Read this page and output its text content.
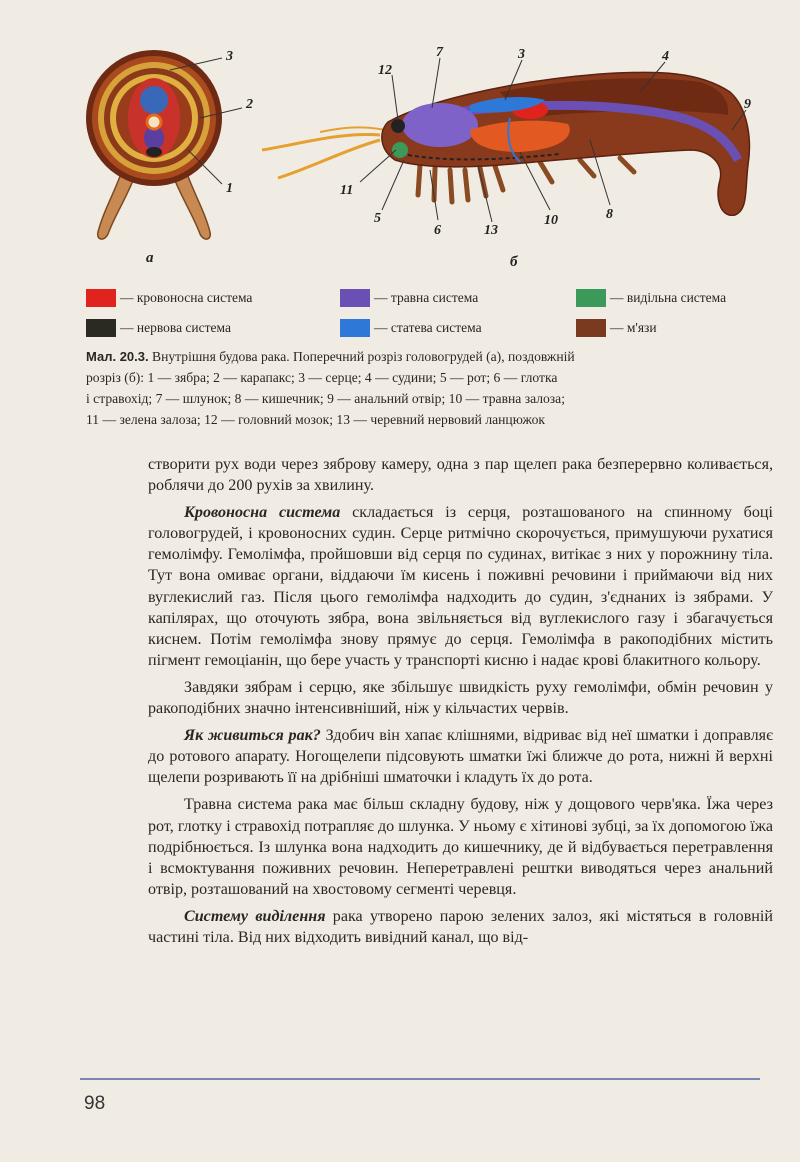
3
2
1
а
12
7	3	4
9
11
5
6	13
10	8
б
— кровоносна система	— травна система	— видільна система
— нервова система	— статева система	— м'язи

Мал. 20.3. Внутрішня будова рака. Поперечний розріз головогрудей (а), поздовжній

розріз (б): 1 — зябра; 2 — карапакс; 3 — серце; 4 — судини; 5 — рот; 6 — глотка

і стравохід; 7 — шлунок; 8 — кишечник; 9 — анальний отвір; 10 — травна залоза;

11 — зелена залоза; 12 — головний мозок; 13 — черевний нервовий ланцюжок

створити рух води через зяброву камеру, одна з пар щелеп рака безперервно коливається, роблячи до 200 рухів за хвилину.

Кровоносна система складається із серця, розташованого на спинному боці головогрудей, і кровоносних судин. Серце ритмічно скорочується, примушуючи рухатися гемолімфу. Гемолімфа, пройшовши від серця по судинах, витікає з них у порожнину тіла. Тут вона омиває органи, віддаючи їм кисень і поживні речовини і приймаючи від них вуглекислий газ. Після цього гемолімфа надходить до судин, з'єднаних із зябрами. У капілярах, що оточують зябра, вона звільняється від вуглекислого газу і збагачується киснем. Потім гемолімфа знову прямує до серця. Гемолімфа в ракоподібних містить пігмент гемоціанін, що бере участь у транспорті кисню і надає крові блакитного кольору.

Завдяки зябрам і серцю, яке збільшує швидкість руху гемолімфи, обмін речовин у ракоподібних значно інтенсивніший, ніж у кільчастих червів.

Як живиться рак? Здобич він хапає клішнями, відриває від неї шматки і доправляє до ротового апарату. Ногощелепи підсовують шматки їжі ближче до рота, нижні й верхні щелепи розривають її на дрібніші шматочки і кладуть їх до рота.

Травна система рака має більш складну будову, ніж у дощового черв'яка. Їжа через рот, глотку і стравохід потрапляє до шлунка. У ньому є хітинові зубці, за їх допомогою їжа подрібнюється. Із шлунка вона надходить до кишечнику, де й відбувається перетравлення і всмоктування поживних речовин. Неперетравлені рештки виводяться через анальний отвір, розташований на хвостовому сегменті черевця.

Систему виділення рака утворено парою зелених залоз, які містяться в головній частині тіла. Від них відходить вивідний канал, що від-

98
